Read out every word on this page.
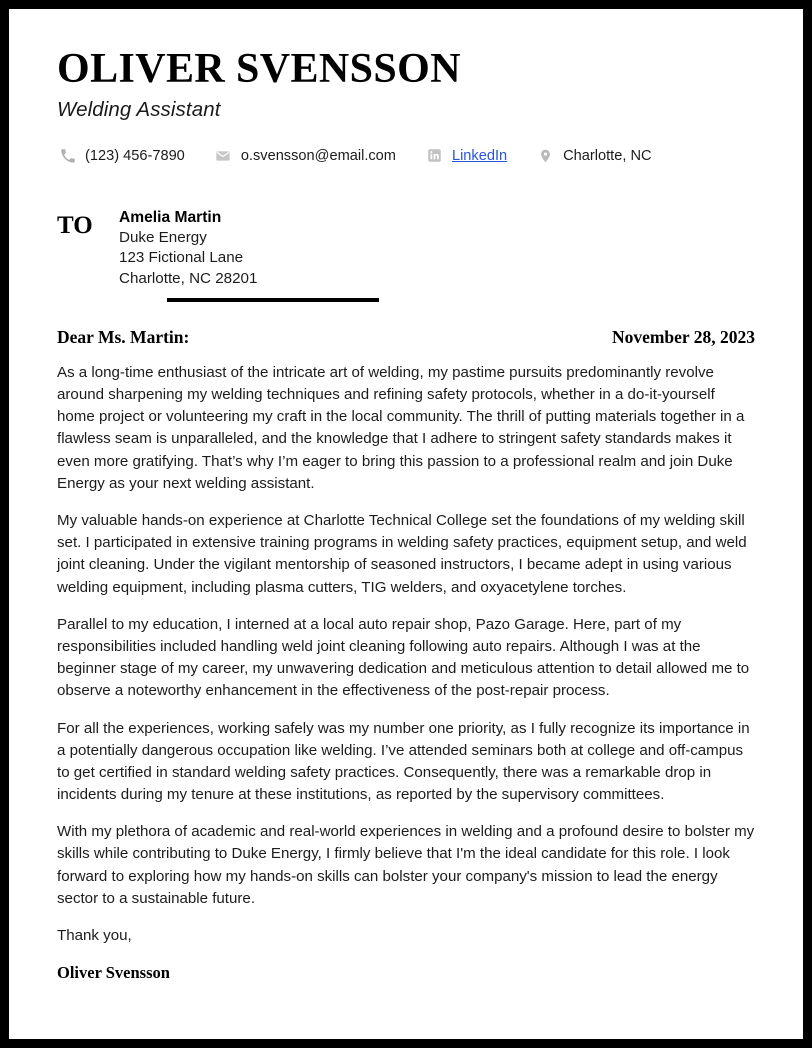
OLIVER SVENSSON
Welding Assistant
(123) 456-7890	o.svensson@email.com	LinkedIn	Charlotte, NC
TO	Amelia Martin
Duke Energy
123 Fictional Lane
Charlotte, NC 28201
Dear Ms. Martin:	November 28, 2023

As a long-time enthusiast of the intricate art of welding, my pastime pursuits predominantly revolve around sharpening my welding techniques and refining safety protocols, whether in a do-it-yourself home project or volunteering my craft in the local community. The thrill of putting materials together in a flawless seam is unparalleled, and the knowledge that I adhere to stringent safety standards makes it even more gratifying. That’s why I’m eager to bring this passion to a professional realm and join Duke Energy as your next welding assistant.

My valuable hands-on experience at Charlotte Technical College set the foundations of my welding skill set. I participated in extensive training programs in welding safety practices, equipment setup, and weld joint cleaning. Under the vigilant mentorship of seasoned instructors, I became adept in using various welding equipment, including plasma cutters, TIG welders, and oxyacetylene torches.

Parallel to my education, I interned at a local auto repair shop, Pazo Garage. Here, part of my responsibilities included handling weld joint cleaning following auto repairs. Although I was at the beginner stage of my career, my unwavering dedication and meticulous attention to detail allowed me to observe a noteworthy enhancement in the effectiveness of the post-repair process.

For all the experiences, working safely was my number one priority, as I fully recognize its importance in a potentially dangerous occupation like welding. I’ve attended seminars both at college and off-campus to get certified in standard welding safety practices. Consequently, there was a remarkable drop in incidents during my tenure at these institutions, as reported by the supervisory committees.

With my plethora of academic and real-world experiences in welding and a profound desire to bolster my skills while contributing to Duke Energy, I firmly believe that I'm the ideal candidate for this role. I look forward to exploring how my hands-on skills can bolster your company's mission to lead the energy sector to a sustainable future.

Thank you,
Oliver Svensson
